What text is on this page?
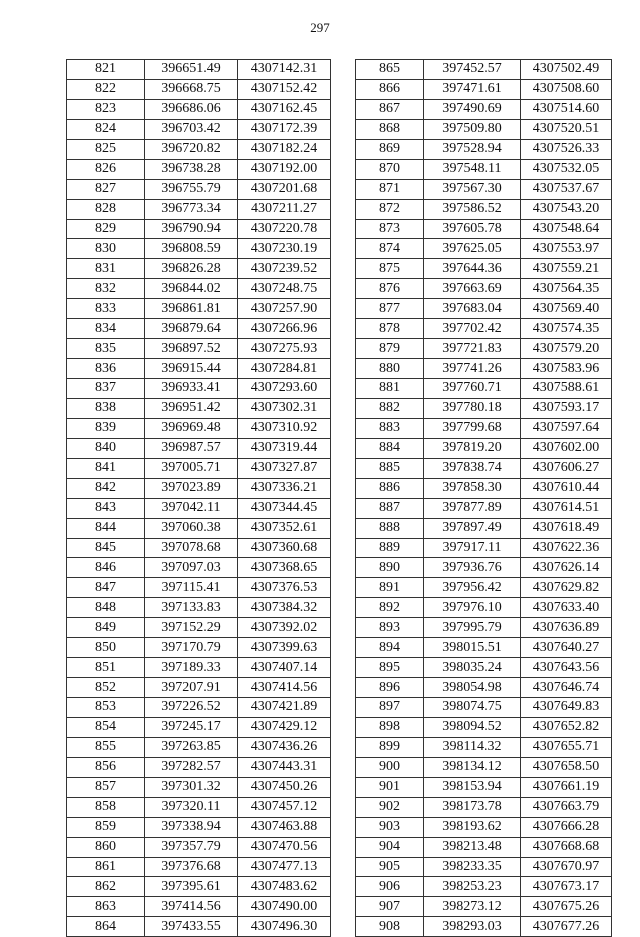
297
821	396651.49	4307142.31
822	396668.75	4307152.42
823	396686.06	4307162.45
824	396703.42	4307172.39
825	396720.82	4307182.24
826	396738.28	4307192.00
827	396755.79	4307201.68
828	396773.34	4307211.27
829	396790.94	4307220.78
830	396808.59	4307230.19
831	396826.28	4307239.52
832	396844.02	4307248.75
833	396861.81	4307257.90
834	396879.64	4307266.96
835	396897.52	4307275.93
836	396915.44	4307284.81
837	396933.41	4307293.60
838	396951.42	4307302.31
839	396969.48	4307310.92
840	396987.57	4307319.44
841	397005.71	4307327.87
842	397023.89	4307336.21
843	397042.11	4307344.45
844	397060.38	4307352.61
845	397078.68	4307360.68
846	397097.03	4307368.65
847	397115.41	4307376.53
848	397133.83	4307384.32
849	397152.29	4307392.02
850	397170.79	4307399.63
851	397189.33	4307407.14
852	397207.91	4307414.56
853	397226.52	4307421.89
854	397245.17	4307429.12
855	397263.85	4307436.26
856	397282.57	4307443.31
857	397301.32	4307450.26
858	397320.11	4307457.12
859	397338.94	4307463.88
860	397357.79	4307470.56
861	397376.68	4307477.13
862	397395.61	4307483.62
863	397414.56	4307490.00
864	397433.55	4307496.30
865	397452.57	4307502.49
866	397471.61	4307508.60
867	397490.69	4307514.60
868	397509.80	4307520.51
869	397528.94	4307526.33
870	397548.11	4307532.05
871	397567.30	4307537.67
872	397586.52	4307543.20
873	397605.78	4307548.64
874	397625.05	4307553.97
875	397644.36	4307559.21
876	397663.69	4307564.35
877	397683.04	4307569.40
878	397702.42	4307574.35
879	397721.83	4307579.20
880	397741.26	4307583.96
881	397760.71	4307588.61
882	397780.18	4307593.17
883	397799.68	4307597.64
884	397819.20	4307602.00
885	397838.74	4307606.27
886	397858.30	4307610.44
887	397877.89	4307614.51
888	397897.49	4307618.49
889	397917.11	4307622.36
890	397936.76	4307626.14
891	397956.42	4307629.82
892	397976.10	4307633.40
893	397995.79	4307636.89
894	398015.51	4307640.27
895	398035.24	4307643.56
896	398054.98	4307646.74
897	398074.75	4307649.83
898	398094.52	4307652.82
899	398114.32	4307655.71
900	398134.12	4307658.50
901	398153.94	4307661.19
902	398173.78	4307663.79
903	398193.62	4307666.28
904	398213.48	4307668.68
905	398233.35	4307670.97
906	398253.23	4307673.17
907	398273.12	4307675.26
908	398293.03	4307677.26
